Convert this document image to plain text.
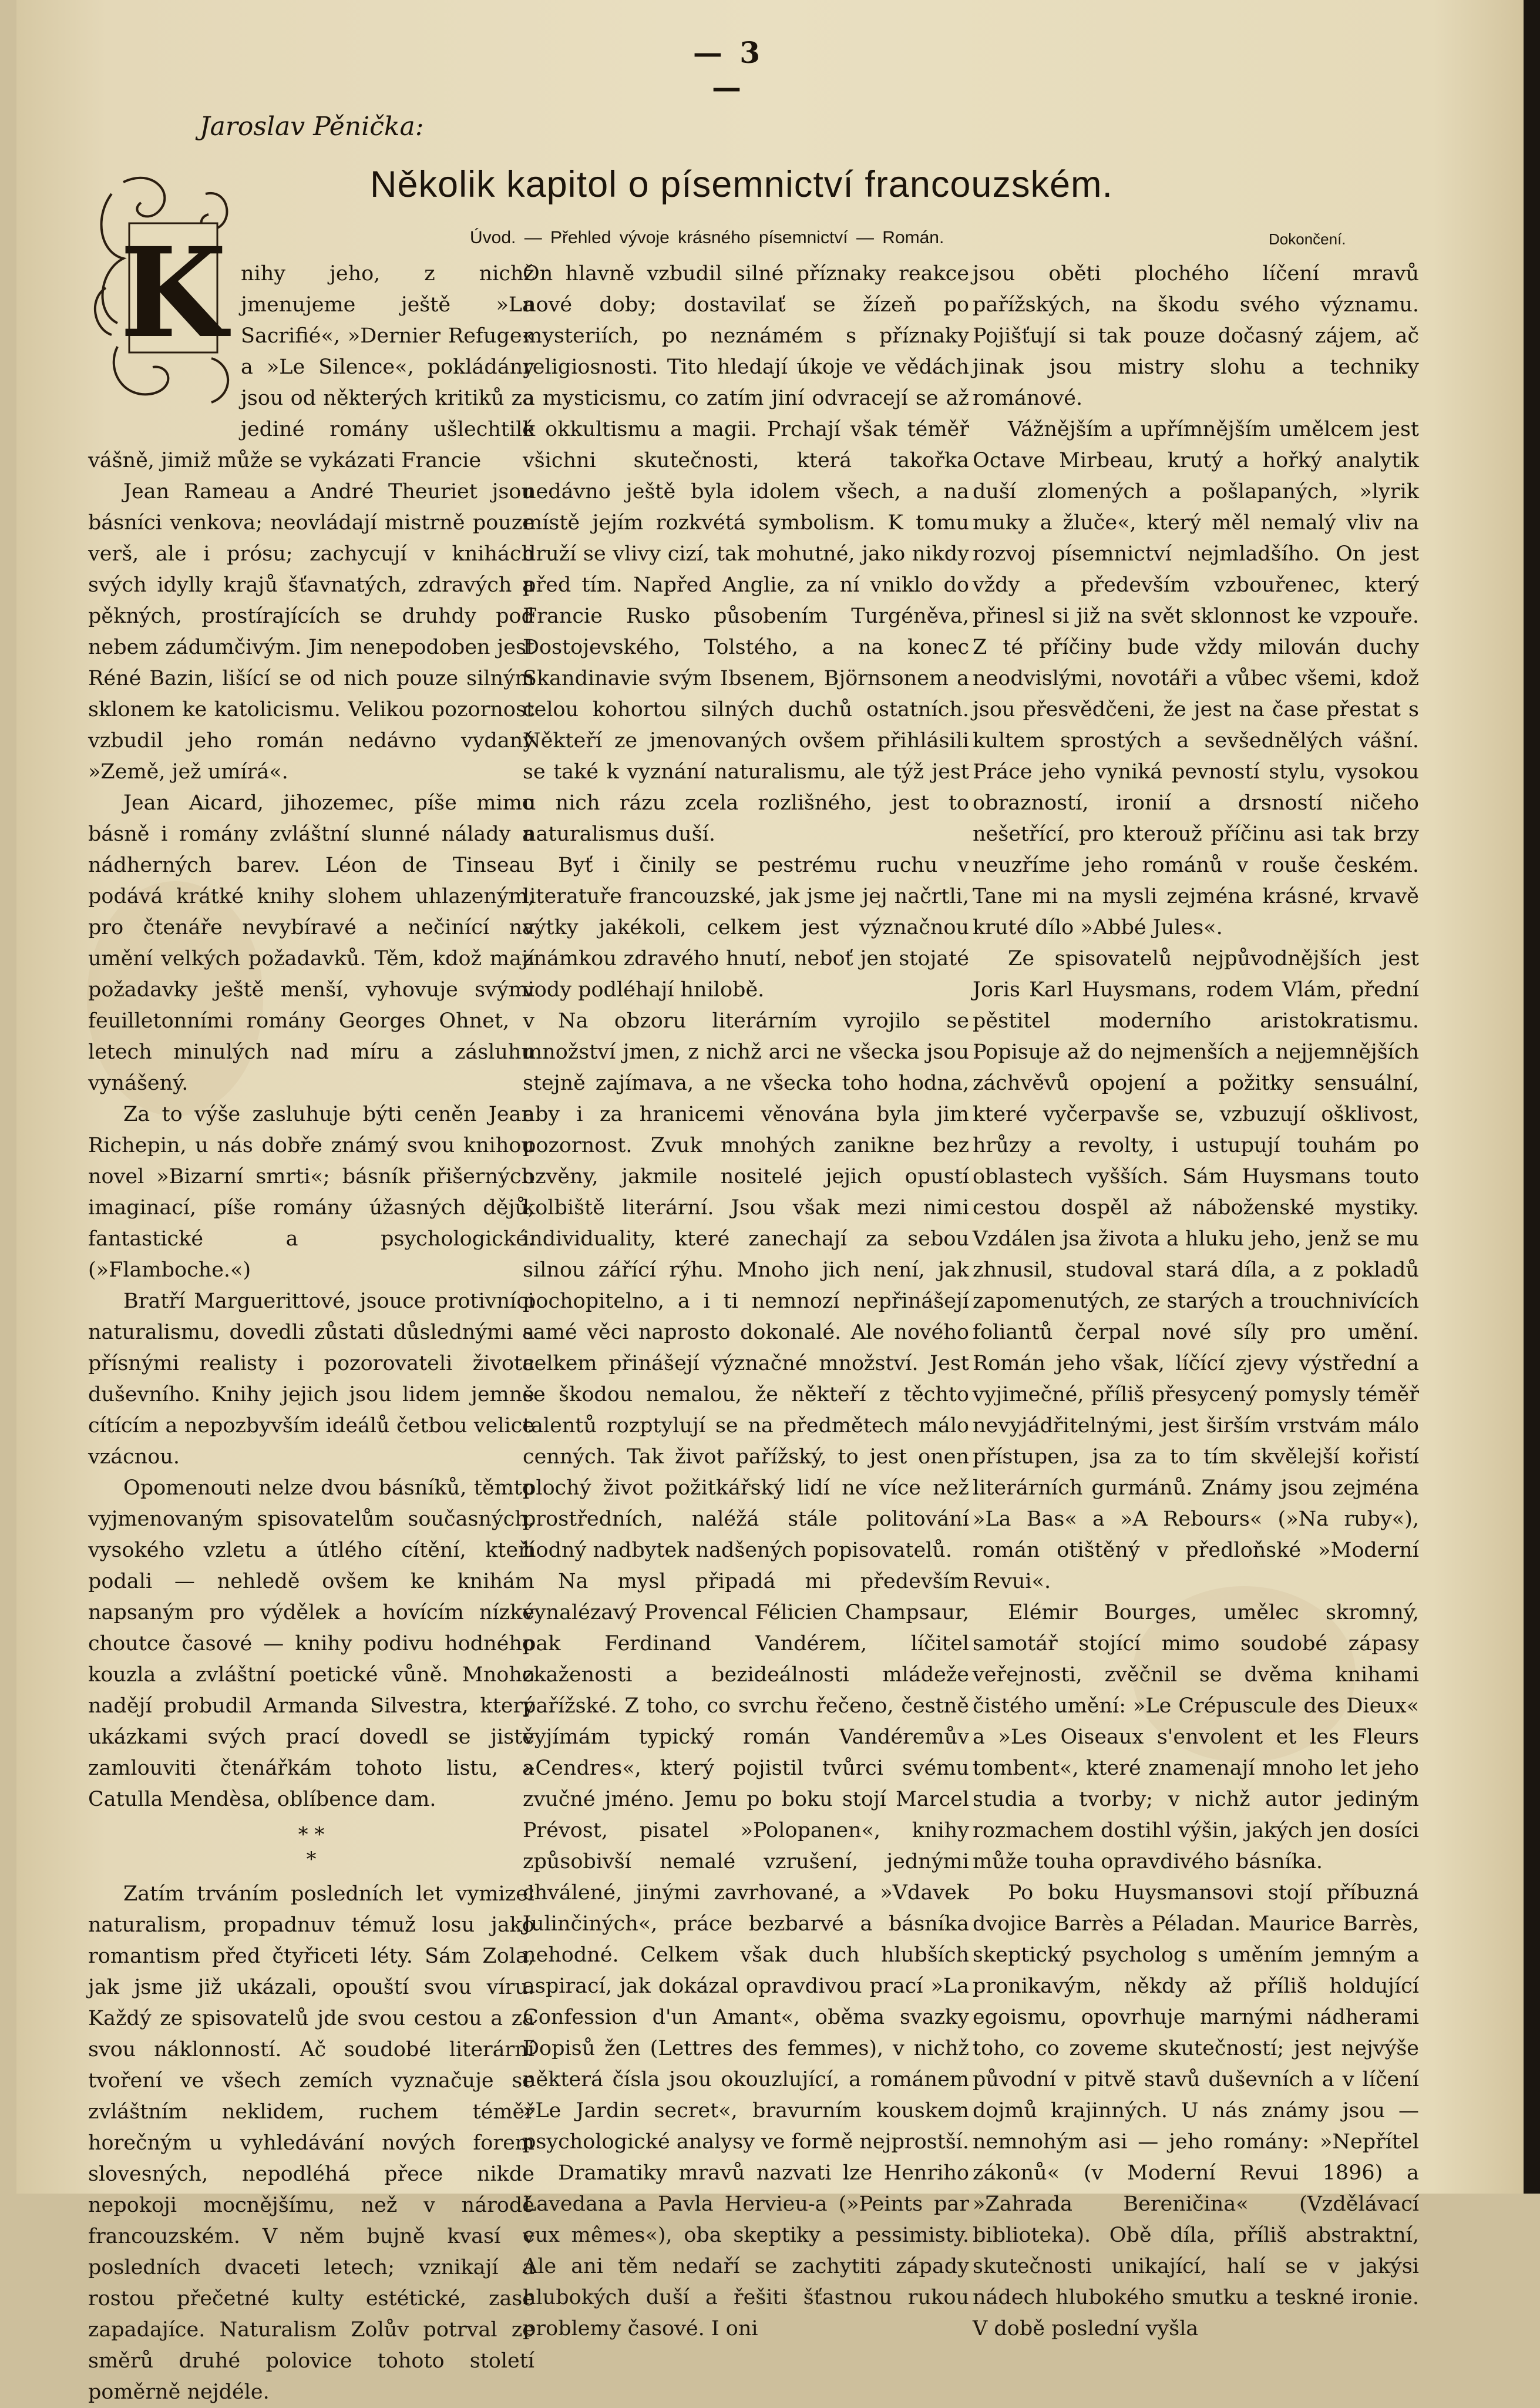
— 3 —
Jaroslav Pěnička:
Několik kapitol o písemnictví francouzském.
Úvod. — Přehled vývoje krásného písemnictví — Román.	Dokončení.
K nihy jeho, z nichž jmenujeme ještě »La Sacrifié«, »Dernier Refuge« a »Le Silence«, pokládány jsou od některých kritiků za jediné romány ušlechtilé vášně, jimiž může se vykázati Francie

Jean Rameau a André Theuriet jsou básníci venkova; neovládají mistrně pouze verš, ale i prósu; zachycují v knihách svých idylly krajů šťavnatých, zdravých a pěkných, prostírajících se druhdy pod nebem zádumčivým. Jim nenepodoben jest Réné Bazin, lišící se od nich pouze silným sklonem ke katolicismu. Velikou pozornost vzbudil jeho román nedávno vydaný »Země, jež umírá«.

Jean Aicard, jihozemec, píše mimo básně i romány zvláštní slunné nálady a nádherných barev. Léon de Tinseau podává krátké knihy slohem uhlazeným, pro čtenáře nevybíravé a nečinící na umění velkých požadavků. Těm, kdož mají požadavky ještě menší, vyhovuje svými feuilletonními romány Georges Ohnet, v letech minulých nad míru a zásluhu vynášený.

Za to výše zasluhuje býti ceněn Jean Richepin, u nás dobře známý svou knihou novel »Bizarní smrti«; básník přišerných imaginací, píše romány úžasných dějů, fantastické a psychologické. (»Flamboche.«)

Bratří Marguerittové, jsouce protivníci naturalismu, dovedli zůstati důslednými a přísnými realisty i pozorovateli života duševního. Knihy jejich jsou lidem jemně cítícím a nepozbyvším ideálů četbou velice vzácnou.

Opomenouti nelze dvou básníků, těmto vyjmenovaným spisovatelům současných, vysokého vzletu a útlého cítění, kteří podali — nehledě ovšem ke knihám napsaným pro výdělek a hovícím nízké choutce časové — knihy podivu hodného kouzla a zvláštní poetické vůně. Mnoho nadějí probudil Armanda Silvestra, který ukázkami svých prací dovedl se jistě zamlouviti čtenářkám tohoto listu, a Catulla Mendèsa, oblíbence dam.

* *
*

Zatím trváním posledních let vymizel naturalism, propadnuv témuž losu jako romantism před čtyřiceti léty. Sám Zola, jak jsme již ukázali, opouští svou víru. Každý ze spisovatelů jde svou cestou a za svou náklonností. Ač soudobé literární tvoření ve všech zemích vyznačuje se zvláštním neklidem, ruchem téměř horečným u vyhledávání nových forem slovesných, nepodléhá přece nikde nepokoji mocnějšímu, než v národě francouzském. V něm bujně kvasí v posledních dvaceti letech; vznikají a rostou přečetné kulty estétické, zase zapadajíce. Naturalism Zolův potrval ze směrů druhé polovice tohoto století poměrně nejdéle.

On hlavně vzbudil silné příznaky reakce nové doby; dostavilať se žízeň po mysteriích, po neznámém s příznaky religiosnosti. Tito hledají úkoje ve vědách a mysticismu, co zatím jiní odvracejí se až k okkultismu a magii. Prchají však téměř všichni skutečnosti, která takořka nedávno ještě byla idolem všech, a na místě jejím rozkvétá symbolism. K tomu druží se vlivy cizí, tak mohutné, jako nikdy před tím. Napřed Anglie, za ní vniklo do Francie Rusko působením Turgéněva, Dostojevského, Tolstého, a na konec Skandinavie svým Ibsenem, Björnsonem a celou kohortou silných duchů ostatních. Někteří ze jmenovaných ovšem přihlásili se také k vyznání naturalismu, ale týž jest u nich rázu zcela rozlišného, jest to naturalismus duší.

Byť i činily se pestrému ruchu v literatuře francouzské, jak jsme jej načrtli, výtky jakékoli, celkem jest význačnou známkou zdravého hnutí, neboť jen stojaté vody podléhají hnilobě.

Na obzoru literárním vyrojilo se množství jmen, z nichž arci ne všecka jsou stejně zajímava, a ne všecka toho hodna, aby i za hranicemi věnována byla jim pozornost. Zvuk mnohých zanikne bez ozvěny, jakmile nositelé jejich opustí kolbiště literární. Jsou však mezi nimi individuality, které zanechají za sebou silnou zářící rýhu. Mnoho jich není, jak pochopitelno, a i ti nemnozí nepřinášejí samé věci naprosto dokonalé. Ale nového celkem přinášejí význačné množství. Jest se škodou nemalou, že někteří z těchto talentů rozptylují se na předmětech málo cenných. Tak život pařížský, to jest onen plochý život požitkářský lidí ne více než prostředních, naléžá stále politování hodný nadbytek nadšených popisovatelů.

Na mysl připadá mi především vynalézavý Provencal Félicien Champsaur, pak Ferdinand Vandérem, líčitel zkaženosti a bezideálnosti mládeže pařížské. Z toho, co svrchu řečeno, čestně vyjímám typický román Vandéremův »Cendres«, který pojistil tvůrci svému zvučné jméno. Jemu po boku stojí Marcel Prévost, pisatel »Polopanen«, knihy způsobivší nemalé vzrušení, jednými chválené, jinými zavrhované, a »Vdavek Julinčiných«, práce bezbarvé a básníka nehodné. Celkem však duch hlubších aspirací, jak dokázal opravdivou prací »La Confession d'un Amant«, oběma svazky Dopisů žen (Lettres des femmes), v nichž některá čísla jsou okouzlující, a románem »Le Jardin secret«, bravurním kouskem psychologické analysy ve formě nejprostší.

Dramatiky mravů nazvati lze Henriho Lavedana a Pavla Hervieu-a (»Peints par eux mêmes«), oba skeptiky a pessimisty. Ale ani těm nedaří se zachytiti západy hlubokých duší a řešiti šťastnou rukou problemy časové. I oni

jsou oběti plochého líčení mravů pařížských, na škodu svého významu. Pojišťují si tak pouze dočasný zájem, ač jinak jsou mistry slohu a techniky románové.

Vážnějším a upřímnějším umělcem jest Octave Mirbeau, krutý a hořký analytik duší zlomených a pošlapaných, »lyrik muky a žluče«, který měl nemalý vliv na rozvoj písemnictví nejmladšího. On jest vždy a především vzbouřenec, který přinesl si již na svět sklonnost ke vzpouře. Z té příčiny bude vždy milován duchy neodvislými, novotáři a vůbec všemi, kdož jsou přesvědčeni, že jest na čase přestat s kultem sprostých a sevšednělých vášní. Práce jeho vyniká pevností stylu, vysokou obrazností, ironií a drsností ničeho nešetřící, pro kterouž příčinu asi tak brzy neuzříme jeho románů v rouše českém. Tane mi na mysli zejména krásné, krvavě kruté dílo »Abbé Jules«.

Ze spisovatelů nejpůvodnějších jest Joris Karl Huysmans, rodem Vlám, přední pěstitel moderního aristokratismu. Popisuje až do nejmenších a nejjemnějších záchvěvů opojení a požitky sensuální, které vyčerpavše se, vzbuzují ošklivost, hrůzy a revolty, i ustupují touhám po oblastech vyšších. Sám Huysmans touto cestou dospěl až náboženské mystiky. Vzdálen jsa života a hluku jeho, jenž se mu zhnusil, studoval stará díla, a z pokladů zapomenutých, ze starých a trouchnivících foliantů čerpal nové síly pro umění. Román jeho však, líčící zjevy výstřední a vyjimečné, příliš přesycený pomysly téměř nevyjádřitelnými, jest širším vrstvám málo přístupen, jsa za to tím skvělejší kořistí literárních gurmánů. Známy jsou zejména »La Bas« a »A Rebours« (»Na ruby«), román otištěný v předloňské »Moderní Revui«.

Elémir Bourges, umělec skromný, samotář stojící mimo soudobé zápasy veřejnosti, zvěčnil se dvěma knihami čistého umění: »Le Crépuscule des Dieux« a »Les Oiseaux s'envolent et les Fleurs tombent«, které znamenají mnoho let jeho studia a tvorby; v nichž autor jediným rozmachem dostihl výšin, jakých jen dosíci může touha opravdivého básníka.

Po boku Huysmansovi stojí příbuzná dvojice Barrès a Péladan. Maurice Barrès, skeptický psycholog s uměním jemným a pronikavým, někdy až příliš holdující egoismu, opovrhuje marnými nádherami toho, co zoveme skutečností; jest nejvýše původní v pitvě stavů duševních a v líčení dojmů krajinných. U nás známy jsou — nemnohým asi — jeho romány: »Nepřítel zákonů« (v Moderní Revui 1896) a »Zahrada Bereničina« (Vzdělávací biblioteka). Obě díla, příliš abstraktní, skutečnosti unikající, halí se v jakýsi nádech hlubokého smutku a teskné ironie. V době poslední vyšla
